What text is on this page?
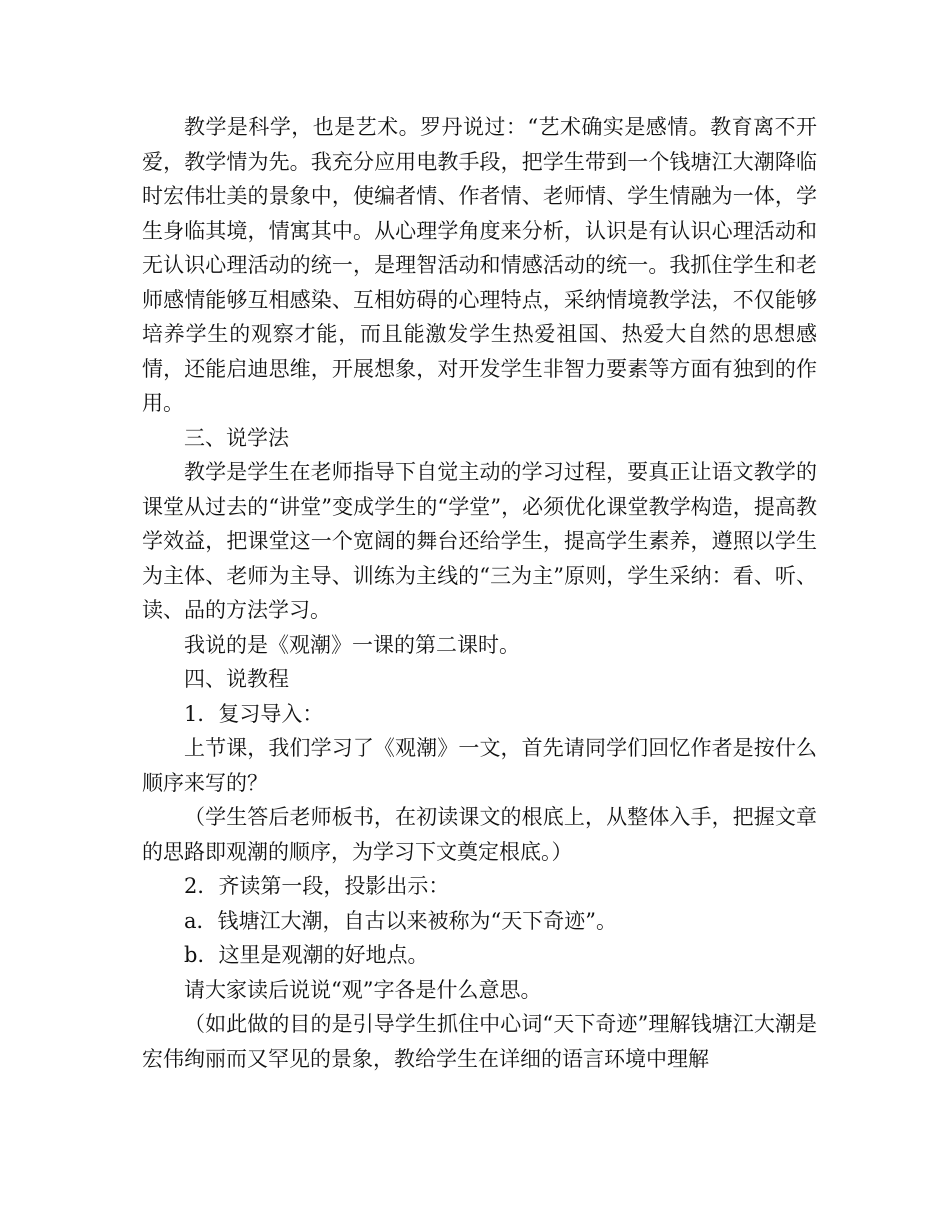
教学是科学，也是艺术。罗丹说过：“艺术确实是感情。教育离不开爱，教学情为先。我充分应用电教手段，把学生带到一个钱塘江大潮降临时宏伟壮美的景象中，使编者情、作者情、老师情、学生情融为一体，学生身临其境，情寓其中。从心理学角度来分析，认识是有认识心理活动和无认识心理活动的统一，是理智活动和情感活动的统一。我抓住学生和老师感情能够互相感染、互相妨碍的心理特点，采纳情境教学法，不仅能够培养学生的观察才能，而且能激发学生热爱祖国、热爱大自然的思想感情，还能启迪思维，开展想象，对开发学生非智力要素等方面有独到的作用。

三、说学法

教学是学生在老师指导下自觉主动的学习过程，要真正让语文教学的课堂从过去的“讲堂”变成学生的“学堂”，必须优化课堂教学构造，提高教学效益，把课堂这一个宽阔的舞台还给学生，提高学生素养，遵照以学生为主体、老师为主导、训练为主线的“三为主”原则，学生采纳：看、听、读、品的方法学习。

我说的是《观潮》一课的第二课时。

四、说教程

1．复习导入：

上节课，我们学习了《观潮》一文，首先请同学们回忆作者是按什么顺序来写的？

（学生答后老师板书，在初读课文的根底上，从整体入手，把握文章的思路即观潮的顺序，为学习下文奠定根底。）

2．齐读第一段，投影出示：

a．钱塘江大潮，自古以来被称为“天下奇迹”。

b．这里是观潮的好地点。

请大家读后说说“观”字各是什么意思。

（如此做的目的是引导学生抓住中心词“天下奇迹”理解钱塘江大潮是宏伟绚丽而又罕见的景象，教给学生在详细的语言环境中理解
